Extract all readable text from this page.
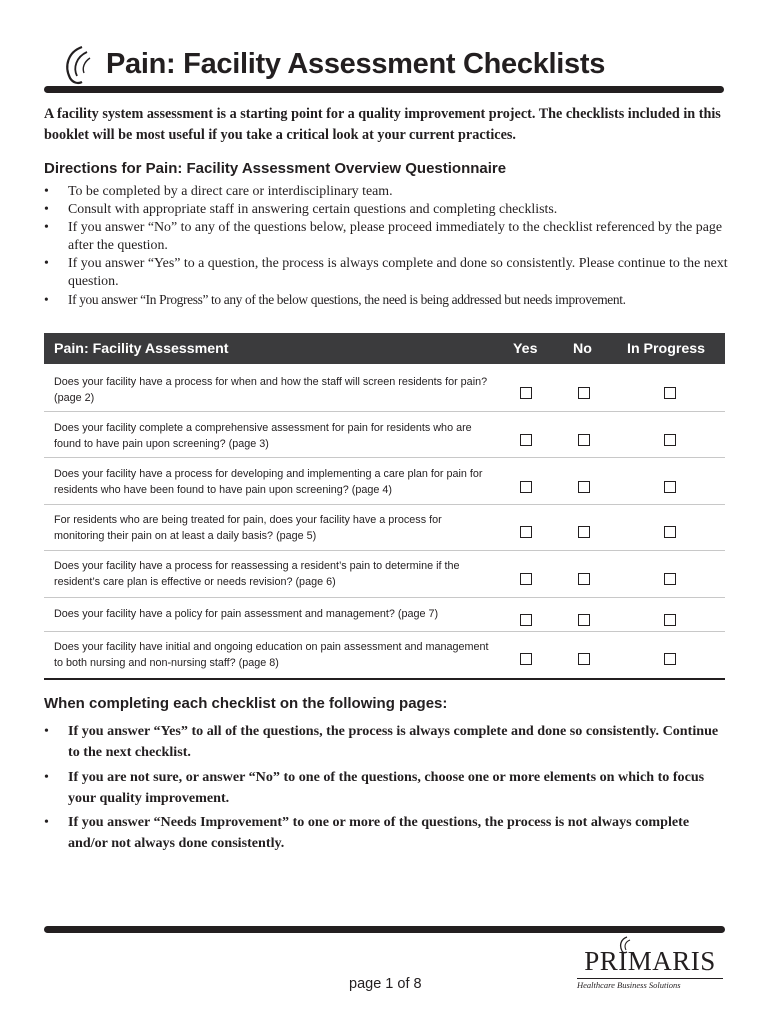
Pain: Facility Assessment Checklists

A facility system assessment is a starting point for a quality improvement project. The checklists included in this booklet will be most useful if you take a critical look at your current practices.

Directions for Pain: Facility Assessment Overview Questionnaire
• To be completed by a direct care or interdisciplinary team.
• Consult with appropriate staff in answering certain questions and completing checklists.
• If you answer “No” to any of the questions below, please proceed immediately to the checklist referenced by the page after the question.
• If you answer “Yes” to a question, the process is always complete and done so consistently. Please continue to the next question.
• If you answer “In Progress” to any of the below questions, the need is being addressed but needs improvement.
Pain: Facility Assessment	Yes	No In Progress
Does your facility have a process for when and how the staff will screen residents for pain? (page 2)
Does your facility complete a comprehensive assessment for pain for residents who are found to have pain upon screening? (page 3)
Does your facility have a process for developing and implementing a care plan for pain for residents who have been found to have pain upon screening? (page 4)
For residents who are being treated for pain, does your facility have a process for monitoring their pain on at least a daily basis? (page 5)
Does your facility have a process for reassessing a resident’s pain to determine if the resident’s care plan is effective or needs revision? (page 6)
Does your facility have a policy for pain assessment and management? (page 7)
Does your facility have initial and ongoing education on pain assessment and management to both nursing and non-nursing staff? (page 8)
When completing each checklist on the following pages:
• If you answer “Yes” to all of the questions, the process is always complete and done so consistently. Continue to the next checklist.
• If you are not sure, or answer “No” to one of the questions, choose one or more elements on which to focus your quality improvement.
• If you answer “Needs Improvement” to one or more of the questions, the process is not always complete and/or not always done consistently.
page 1 of 8
PRIMARIS
Healthcare Business Solutions
